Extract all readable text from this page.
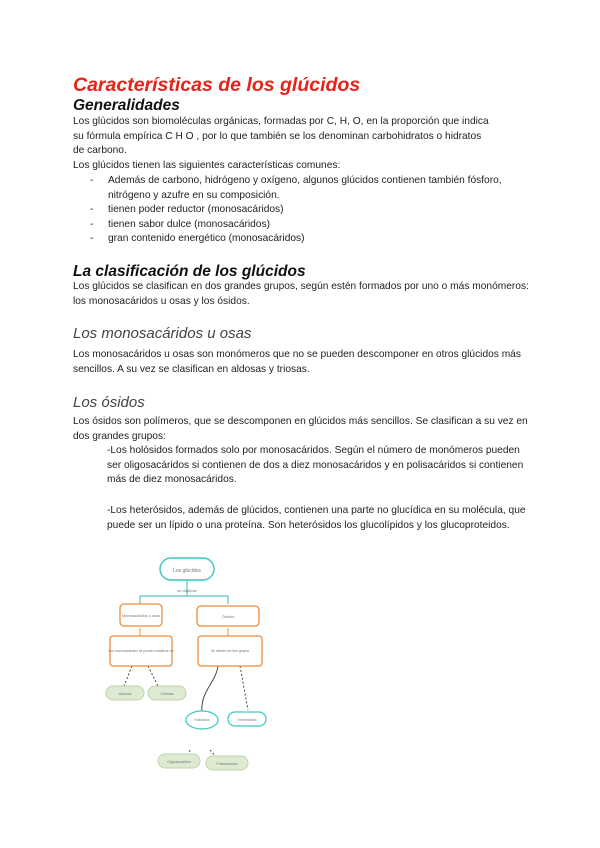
Características de los glúcidos
Generalidades
Los glúcidos son biomoléculas orgánicas, formadas por C, H, O, en la proporción que indica
su fórmula empírica C H O , por lo que también se los denominan carbohidratos o hidratos
de carbono.

Los glúcidos tienen las siguientes características comunes:

- Además de carbono, hidrógeno y oxígeno, algunos glúcidos contienen también fósforo, nitrógeno y azufre en su composición.
- tienen poder reductor (monosacáridos)
- tienen sabor dulce (monosacáridos)
- gran contenido energético (monosacáridos)
La clasificación de los glúcidos

Los glúcidos se clasifican en dos grandes grupos, según estén formados por uno o más monómeros: los monosacáridos u osas y los ósidos.

Los monosacáridos u osas

Los monosacáridos u osas son monómeros que no se pueden descomponer en otros glúcidos más sencillos. A su vez se clasifican en aldosas y triosas.

Los ósidos

Los ósidos son polímeros, que se descomponen en glúcidos más sencillos. Se clasifican a su vez en dos grandes grupos:

-Los holósidos formados solo por monosacáridos. Según el número de monómeros pueden ser oligosacáridos si contienen de dos a diez monosacáridos y en polisacáridos si contienen más de diez monosacáridos.

-Los heterósidos, además de glúcidos, contienen una parte no glucídica en su molécula, que puede ser un lípido o una proteína. Son heterósidos los glucolípidos y los glucoproteidos.

Los glúcidos
se clasifican
Monosacáridos u osas	Ósidos
Los monosacáridos se pueden clasificar en	Se dividen en dos grupos
Aldosas	Cetosas
Holósidos	Heterósidos
Oligosacáridos	Polisacáridos
